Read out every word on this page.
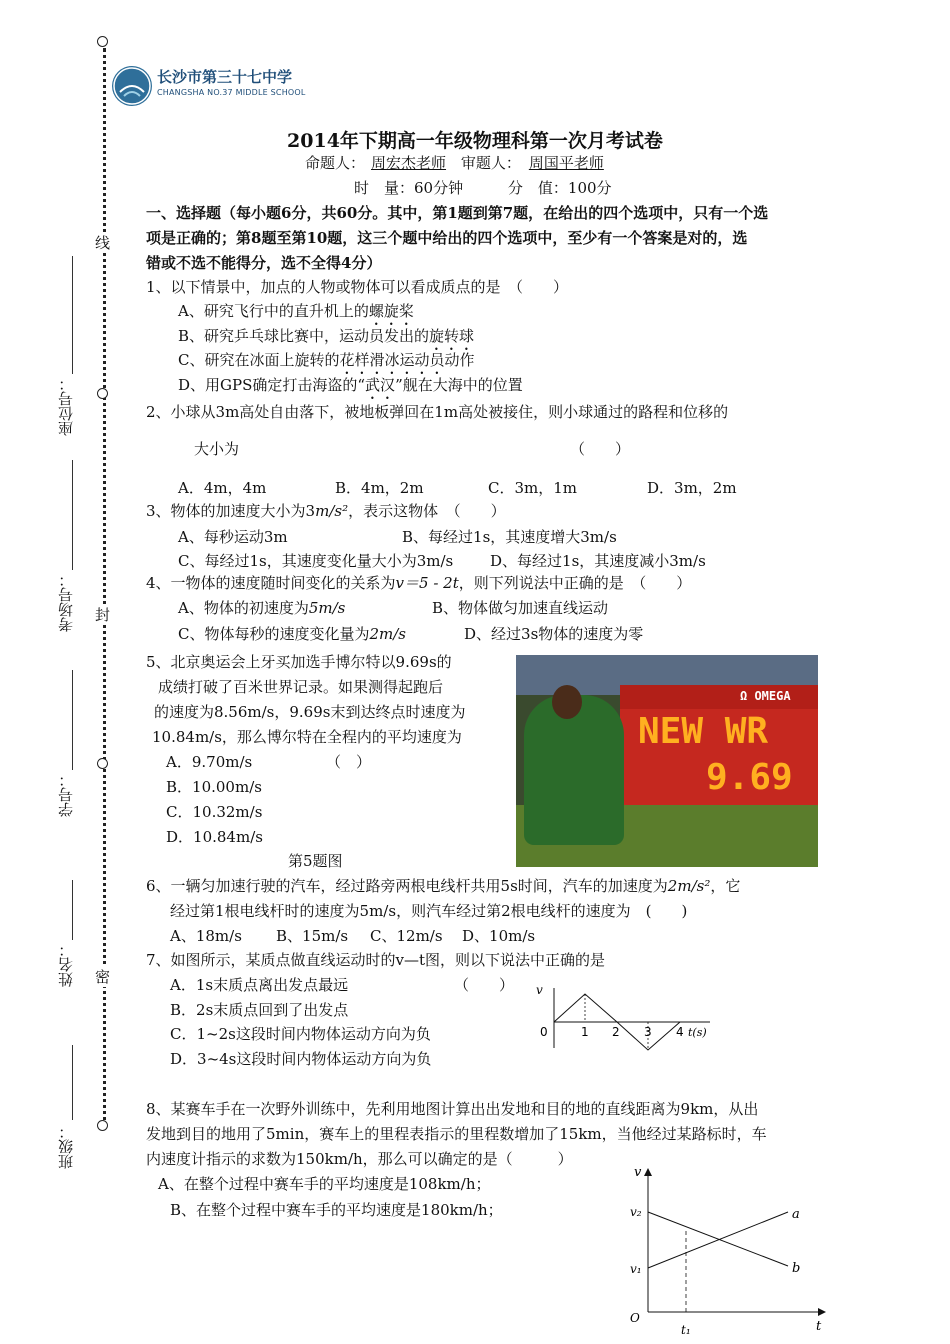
线
封
密
座位号：
考场号：
学号：
姓名：
班级：
长沙市第三十七中学
CHANGSHA NO.37 MIDDLE SCHOOL
2014年下期高一年级物理科第一次月考试卷
命题人： 周宏杰老师 审题人： 周国平老师
时　量：60分钟	分　值：100分
一、选择题（每小题6分，共60分。其中，第1题到第7题，在给出的四个选项中，只有一个选
项是正确的；第8题至第10题，这三个题中给出的四个选项中，至少有一个答案是对的，选
错或不选不能得分，选不全得4分）
1、以下情景中，加点的人物或物体可以看成质点的是　（　　）
A、研究飞行中的直升机上的螺旋桨
B、研究乒乓球比赛中，运动员发出的旋转球
C、研究在冰面上旋转的花样滑冰运动员动作
D、用GPS确定打击海盗的“武汉”舰在大海中的位置
2、小球从3m高处自由落下，被地板弹回在1m高处被接住，则小球通过的路程和位移的
大小为	（　　）
A．4m，4m	B．4m，2m	C．3m，1m	D．3m，2m
3、物体的加速度大小为3m/s²，表示这物体　（　　）
A、每秒运动3m	B、每经过1s，其速度增大3m/s
C、每经过1s，其速度变化量大小为3m/s D、每经过1s，其速度减小3m/s
4、一物体的速度随时间变化的关系为v＝5 - 2t，则下列说法中正确的是　（　　）
A、物体的初速度为5m/s	B、物体做匀加速直线运动
C、物体每秒的速度变化量为2m/s	D、经过3s物体的速度为零
5、北京奥运会上牙买加选手博尔特以9.69s的
成绩打破了百米世界记录。如果测得起跑后
的速度为8.56m/s，9.69s末到达终点时速度为
10.84m/s，那么博尔特在全程内的平均速度为
A．9.70m/s	（　）
B．10.00m/s
C．10.32m/s
D．10.84m/s
第5题图
Ω OMEGA
NEW WR
9.69
6、一辆匀加速行驶的汽车，经过路旁两根电线杆共用5s时间，汽车的加速度为2m/s²，它
经过第1根电线杆时的速度为5m/s，则汽车经过第2根电线杆的速度为　(　　)
A、18m/s B、15m/s C、12m/s D、10m/s
7、如图所示，某质点做直线运动时的v—t图，则以下说法中正确的是
A．1s末质点离出发点最远	（　　）
B．2s末质点回到了出发点
C．1~2s这段时间内物体运动方向为负
D．3~4s这段时间内物体运动方向为负
v
0	1 2 3 4 t(s)
8、某赛车手在一次野外训练中，先利用地图计算出出发地和目的地的直线距离为9km，从出
发地到目的地用了5min，赛车上的里程表指示的里程数增加了15km，当他经过某路标时，车
内速度计指示的求数为150km/h，那么可以确定的是（　　　）
A、在整个过程中赛车手的平均速度是108km/h；
B、在整个过程中赛车手的平均速度是180km/h；
v
v₂
v₁
a
b
O
t₁	t
